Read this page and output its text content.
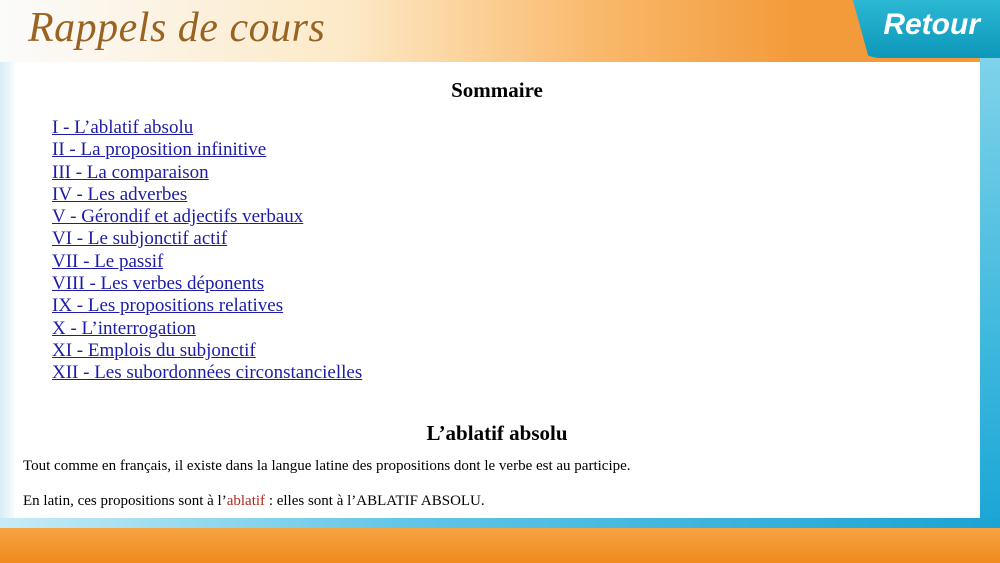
Rappels de cours	Retour
Sommaire
I - L’ablatif absolu
II - La proposition infinitive
III - La comparaison
IV - Les adverbes
V - Gérondif et adjectifs verbaux
VI - Le subjonctif actif
VII - Le passif
VIII - Les verbes déponents
IX - Les propositions relatives
X - L’interrogation
XI - Emplois du subjonctif
XII - Les subordonnées circonstancielles
L’ablatif absolu

Tout comme en français, il existe dans la langue latine des propositions dont le verbe est au participe.

En latin, ces propositions sont à l’ablatif : elles sont à l’ABLATIF ABSOLU.
